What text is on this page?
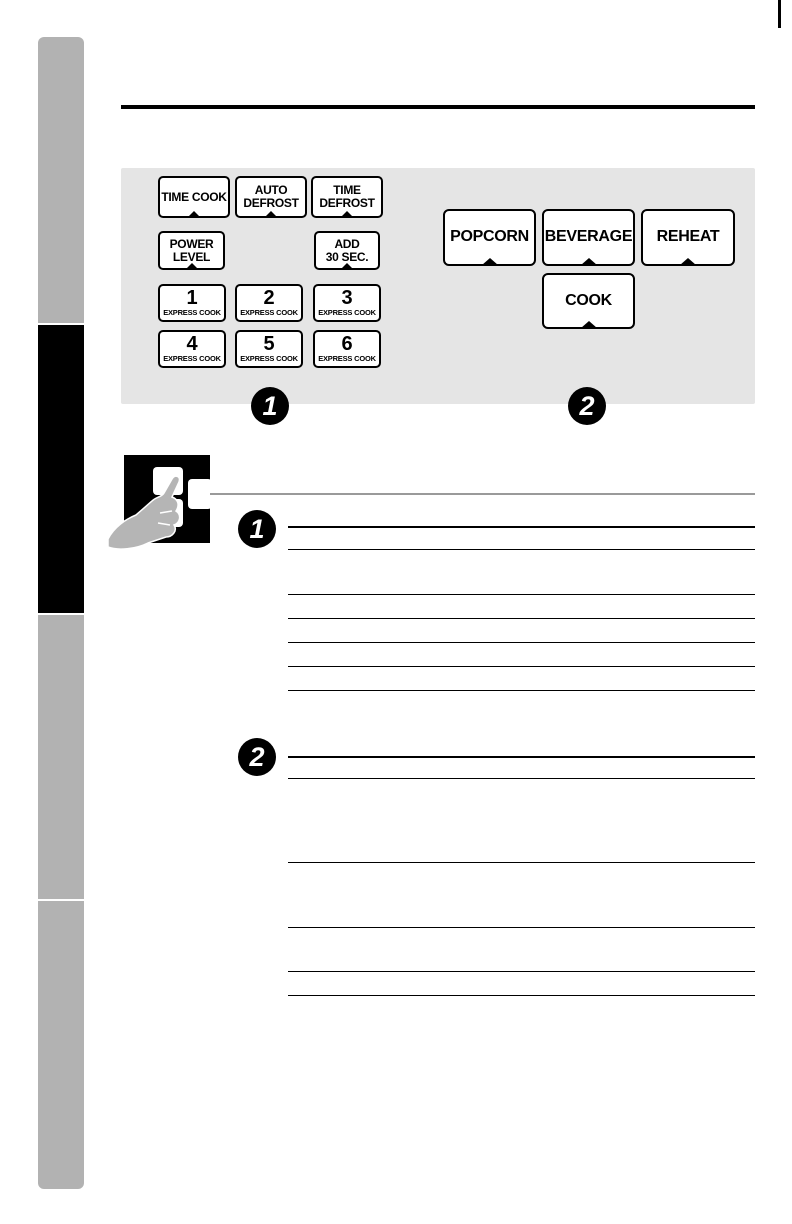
TIME COOK AUTO
DEFROST
TIME
DEFROST
POWER
LEVEL
ADD
30 SEC.
1
EXPRESS COOK
2
EXPRESS COOK
3
EXPRESS COOK
4
EXPRESS COOK
5
EXPRESS COOK
6
EXPRESS COOK
POPCORN BEVERAGE REHEAT
COOK
1	2
1
2
